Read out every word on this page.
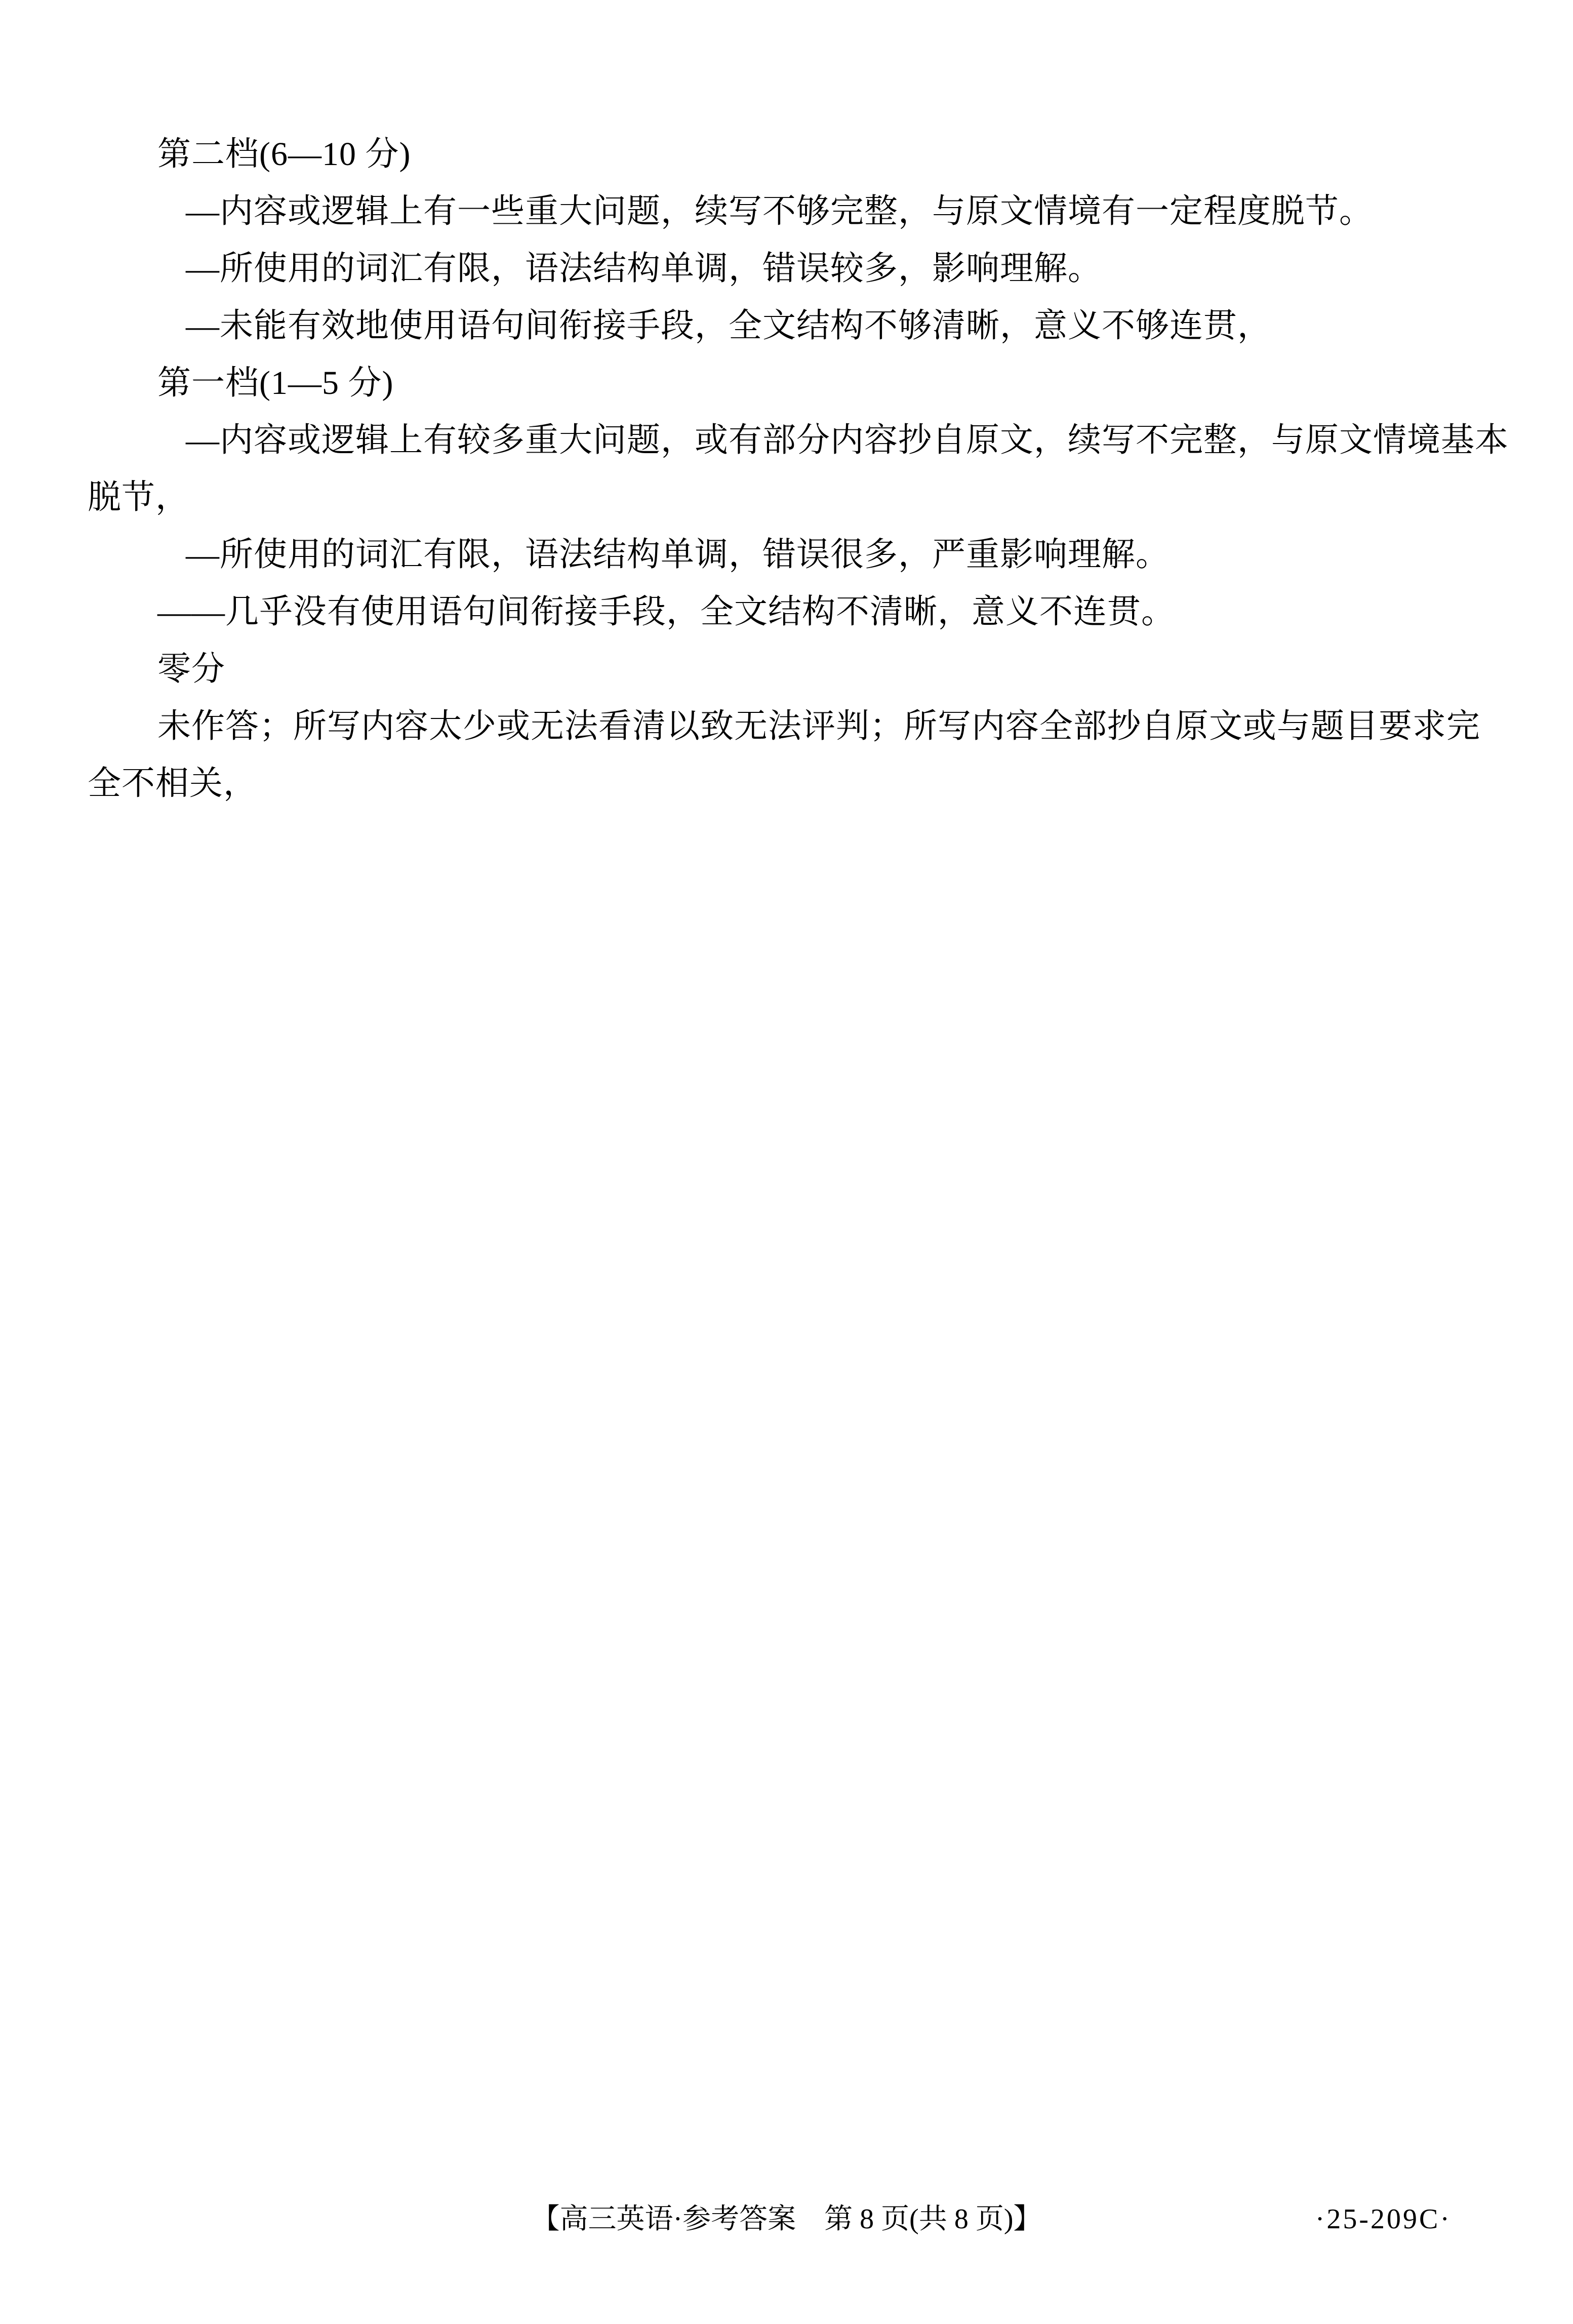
第二档(6—10 分)

—内容或逻辑上有一些重大问题，续写不够完整，与原文情境有一定程度脱节。

—所使用的词汇有限，语法结构单调，错误较多，影响理解。

—未能有效地使用语句间衔接手段，全文结构不够清晰，意义不够连贯，

第一档(1—5 分)

—内容或逻辑上有较多重大问题，或有部分内容抄自原文，续写不完整，与原文情境基本

脱节，

—所使用的词汇有限，语法结构单调，错误很多，严重影响理解。

——几乎没有使用语句间衔接手段，全文结构不清晰，意义不连贯。

零分

未作答；所写内容太少或无法看清以致无法评判；所写内容全部抄自原文或与题目要求完

全不相关，

【高三英语·参考答案　第 8 页(共 8 页)】	·25-209C·
